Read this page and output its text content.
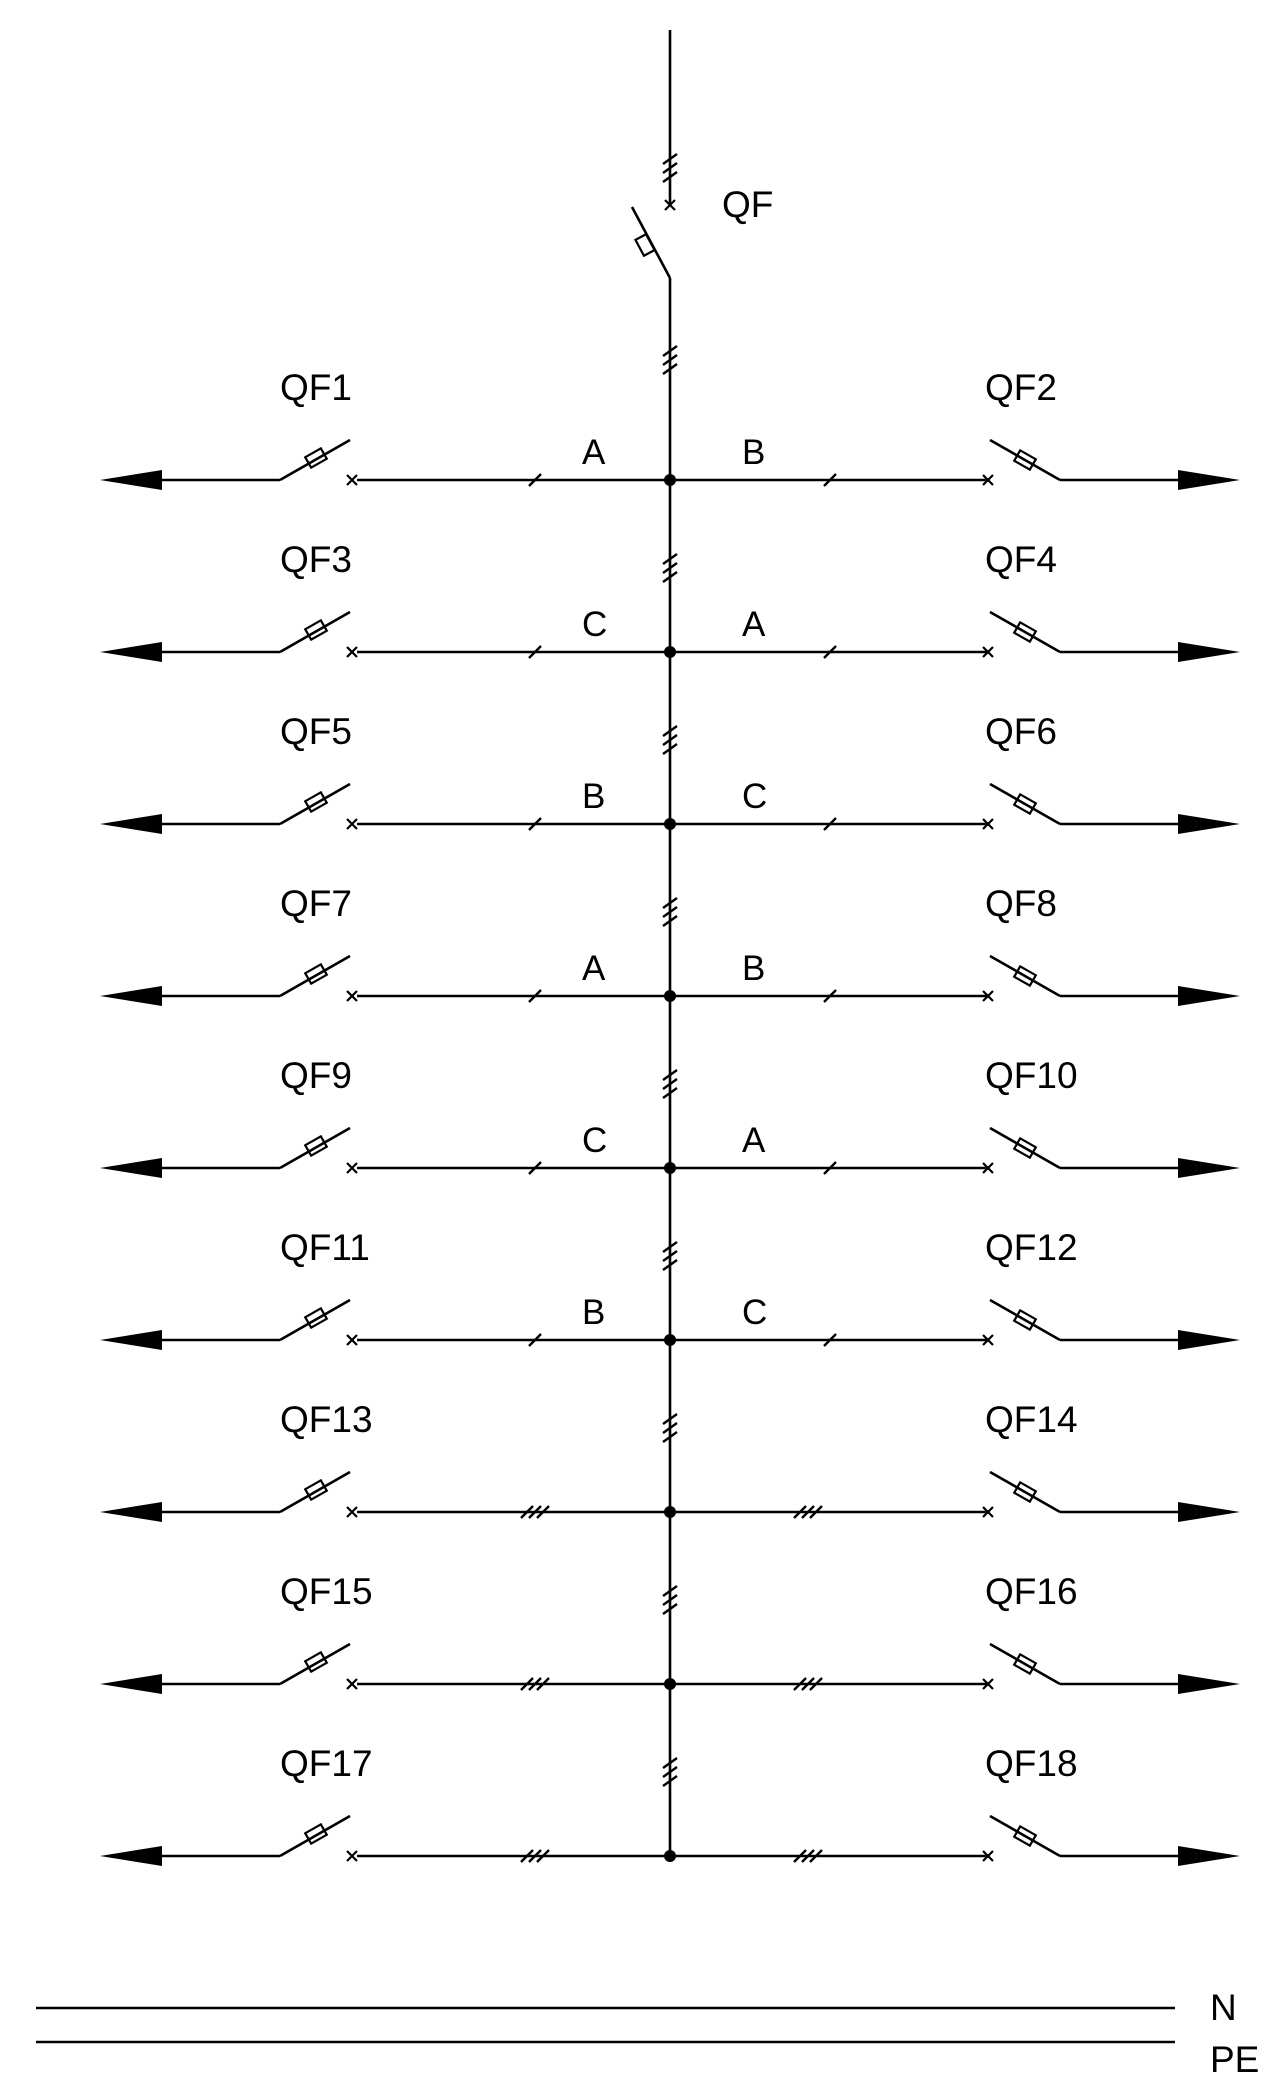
QF
QF1	QF2
A	B
QF3	QF4
C	A
QF5	QF6
B	C
QF7	QF8
A	B
QF9	QF10
C	A
QF11	QF12
B	C
QF13	QF14
QF15	QF16
QF17	QF18
N
PE
